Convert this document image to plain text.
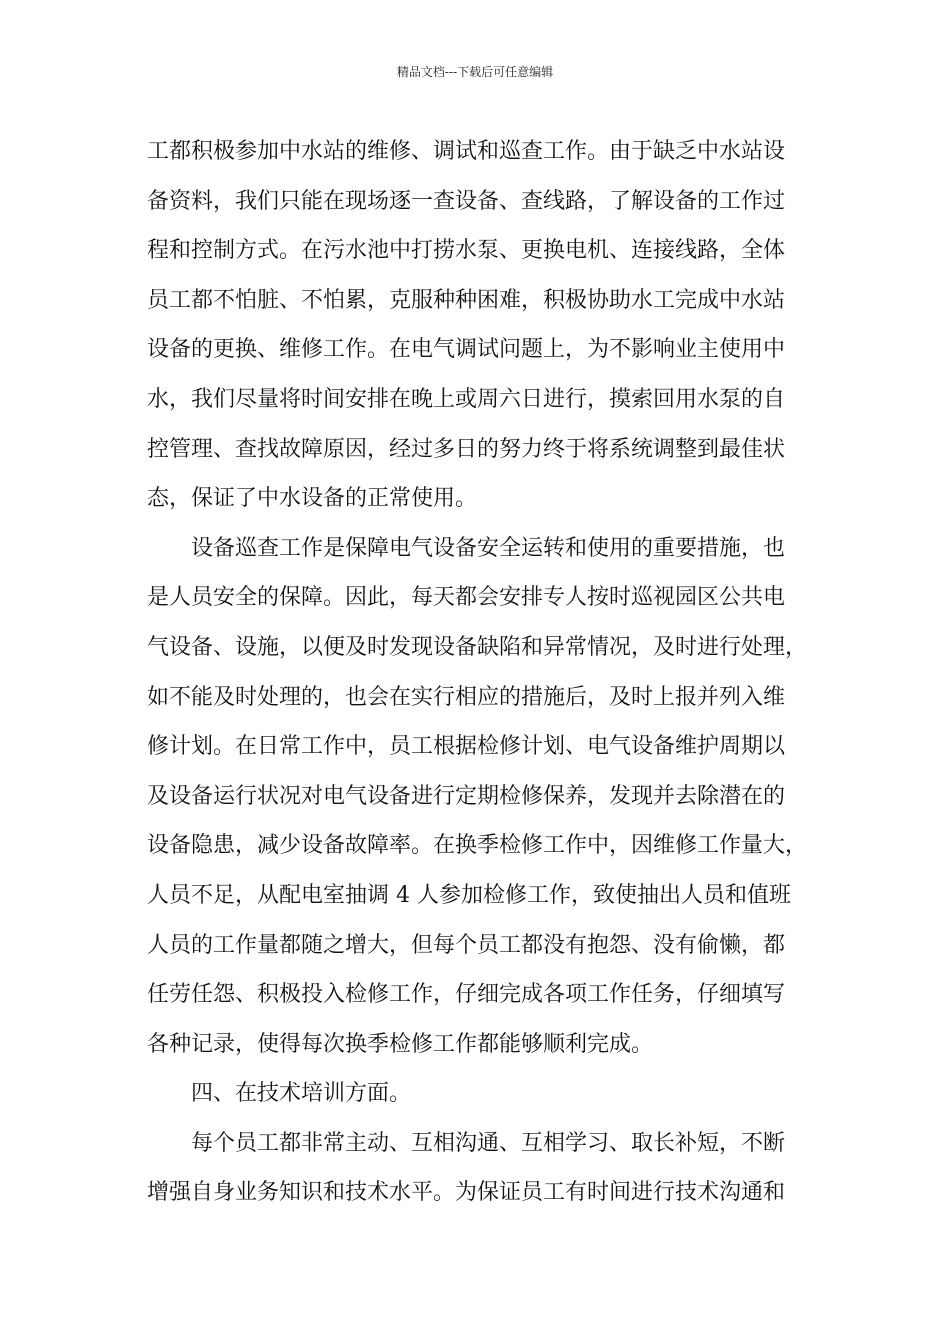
精品文档---下载后可任意编辑
工都积极参加中水站的维修、调试和巡查工作。由于缺乏中水站设
备资料，我们只能在现场逐一查设备、查线路，了解设备的工作过
程和控制方式。在污水池中打捞水泵、更换电机、连接线路，全体
员工都不怕脏、不怕累，克服种种困难，积极协助水工完成中水站
设备的更换、维修工作。在电气调试问题上，为不影响业主使用中
水，我们尽量将时间安排在晚上或周六日进行，摸索回用水泵的自
控管理、查找故障原因，经过多日的努力终于将系统调整到最佳状
态，保证了中水设备的正常使用。
设备巡查工作是保障电气设备安全运转和使用的重要措施，也
是人员安全的保障。因此，每天都会安排专人按时巡视园区公共电
气设备、设施，以便及时发现设备缺陷和异常情况，及时进行处理，
如不能及时处理的，也会在实行相应的措施后，及时上报并列入维
修计划。在日常工作中，员工根据检修计划、电气设备维护周期以
及设备运行状况对电气设备进行定期检修保养，发现并去除潜在的
设备隐患，减少设备故障率。在换季检修工作中，因维修工作量大，
人员不足，从配电室抽调 4 人参加检修工作，致使抽出人员和值班
人员的工作量都随之增大，但每个员工都没有抱怨、没有偷懒，都
任劳任怨、积极投入检修工作，仔细完成各项工作任务，仔细填写
各种记录，使得每次换季检修工作都能够顺利完成。
四、在技术培训方面。
每个员工都非常主动、互相沟通、互相学习、取长补短，不断
增强自身业务知识和技术水平。为保证员工有时间进行技术沟通和
